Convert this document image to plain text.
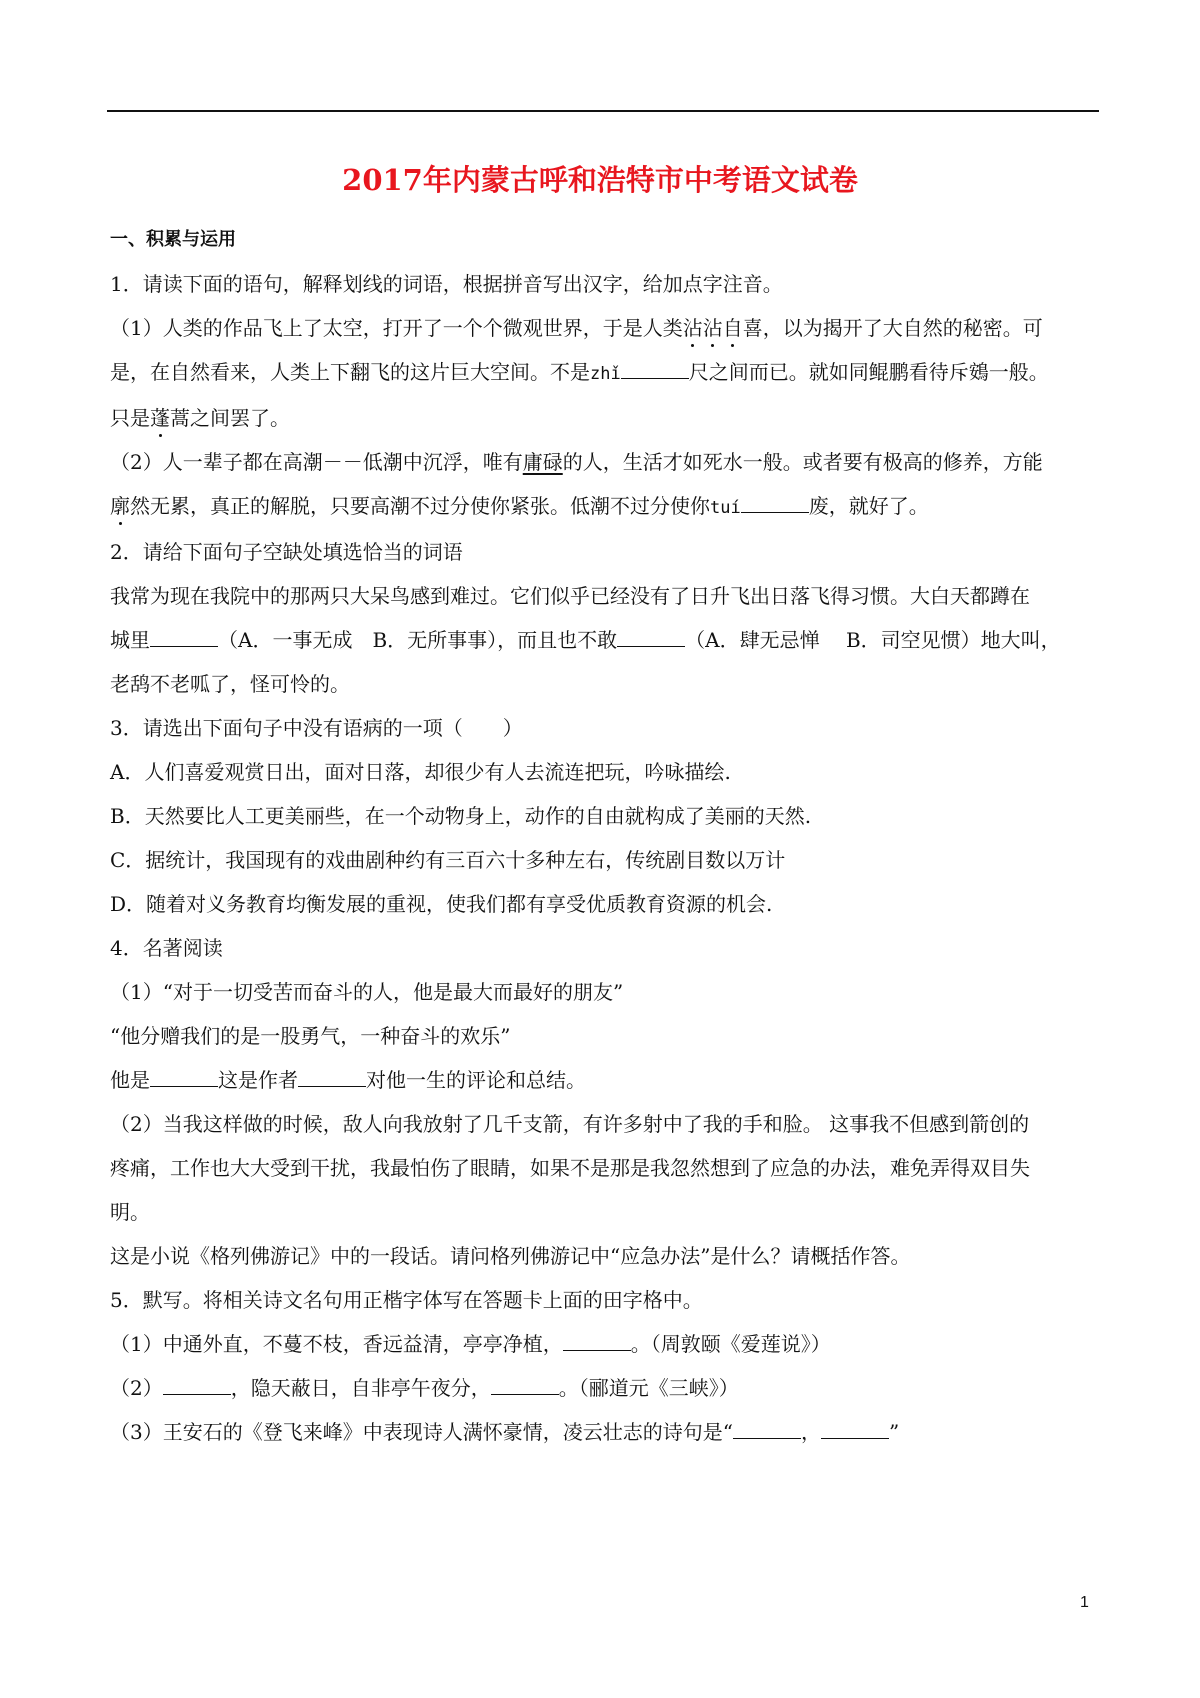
2017年内蒙古呼和浩特市中考语文试卷

一、积累与运用

1．请读下面的语句，解释划线的词语，根据拼音写出汉字，给加点字注音。

（1）人类的作品飞上了太空，打开了一个个微观世界，于是人类沾沾自喜，以为揭开了大自然的秘密。可

是，在自然看来，人类上下翻飞的这片巨大空间。不是zhǐ	尺之间而已。就如同鲲鹏看待斥鴳一般。

只是蓬蒿之间罢了。

（2）人一辈子都在高潮－－低潮中沉浮，唯有庸碌的人，生活才如死水一般。或者要有极高的修养，方能

廓然无累，真正的解脱，只要高潮不过分使你紧张。低潮不过分使你tuí	废，就好了。

2．请给下面句子空缺处填选恰当的词语

我常为现在我院中的那两只大呆鸟感到难过。它们似乎已经没有了日升飞出日落飞得习惯。大白天都蹲在

城里	（A．一事无成　B．无所事事），而且也不敢	（A．肆无忌惮　 B．司空见惯）地大叫，

老鸹不老呱了，怪可怜的。

3．请选出下面句子中没有语病的一项（　　）

A．人们喜爱观赏日出，面对日落，却很少有人去流连把玩，吟咏描绘.

B．天然要比人工更美丽些，在一个动物身上，动作的自由就构成了美丽的天然.

C．据统计，我国现有的戏曲剧种约有三百六十多种左右，传统剧目数以万计

D．随着对义务教育均衡发展的重视，使我们都有享受优质教育资源的机会.

4．名著阅读

（1）“对于一切受苦而奋斗的人，他是最大而最好的朋友”

“他分赠我们的是一股勇气，一种奋斗的欢乐”

他是	这是作者	对他一生的评论和总结。

（2）当我这样做的时候，敌人向我放射了几千支箭，有许多射中了我的手和脸。 这事我不但感到箭创的

疼痛，工作也大大受到干扰，我最怕伤了眼睛，如果不是那是我忽然想到了应急的办法，难免弄得双目失

明。

这是小说《格列佛游记》中的一段话。请问格列佛游记中“应急办法”是什么？请概括作答。

5．默写。将相关诗文名句用正楷字体写在答题卡上面的田字格中。

（1）中通外直，不蔓不枝，香远益清，亭亭净植，	。（周敦颐《爱莲说》）

（2）	，隐天蔽日，自非亭午夜分，	。（郦道元《三峡》）

（3）王安石的《登飞来峰》中表现诗人满怀豪情，凌云壮志的诗句是“	，	”

1
